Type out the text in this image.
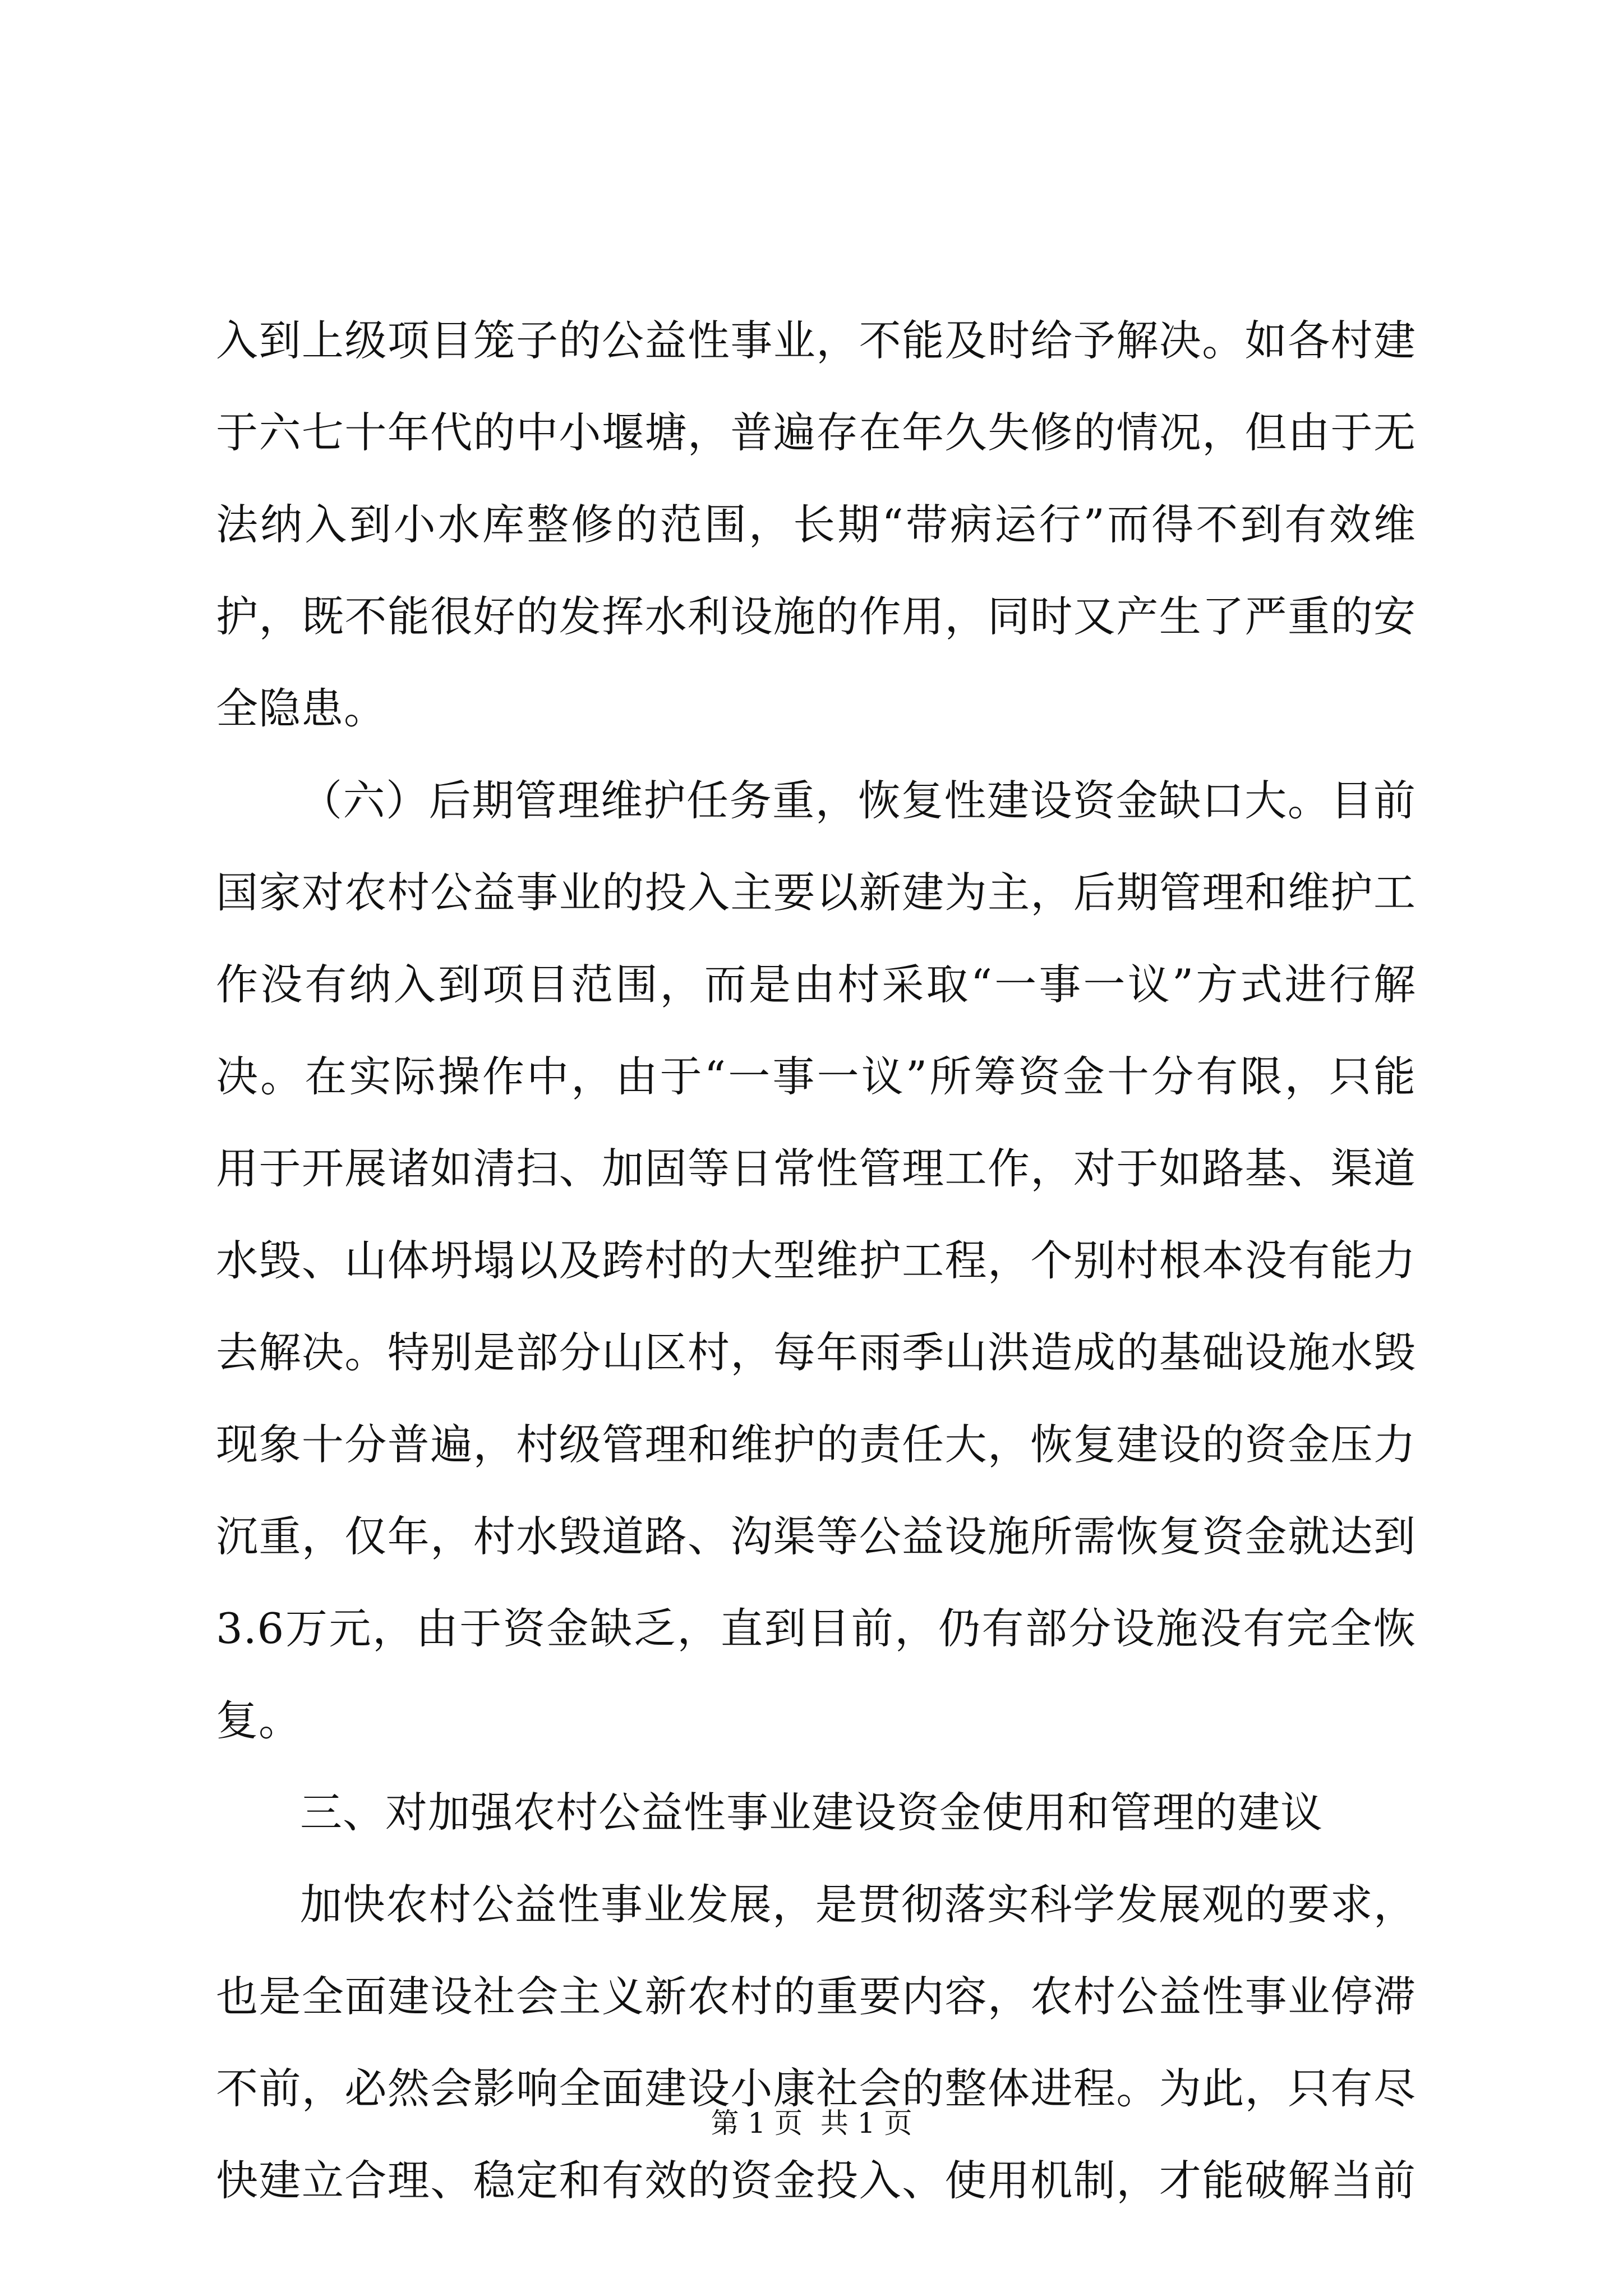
入到上级项目笼子的公益性事业，不能及时给予解决。如各村建
于六七十年代的中小堰塘，普遍存在年久失修的情况，但由于无
法纳入到小水库整修的范围，长期“带病运行”而得不到有效维
护，既不能很好的发挥水利设施的作用，同时又产生了严重的安
全隐患。
（六）后期管理维护任务重，恢复性建设资金缺口大。目前
国家对农村公益事业的投入主要以新建为主，后期管理和维护工
作没有纳入到项目范围，而是由村采取“一事一议”方式进行解
决。在实际操作中，由于“一事一议”所筹资金十分有限，只能
用于开展诸如清扫、加固等日常性管理工作，对于如路基、渠道
水毁、山体坍塌以及跨村的大型维护工程，个别村根本没有能力
去解决。特别是部分山区村，每年雨季山洪造成的基础设施水毁
现象十分普遍，村级管理和维护的责任大，恢复建设的资金压力
沉重，仅年，村水毁道路、沟渠等公益设施所需恢复资金就达到
3.6万元，由于资金缺乏，直到目前，仍有部分设施没有完全恢
复。
三、对加强农村公益性事业建设资金使用和管理的建议
加快农村公益性事业发展，是贯彻落实科学发展观的要求，
也是全面建设社会主义新农村的重要内容，农村公益性事业停滞
不前，必然会影响全面建设小康社会的整体进程。为此，只有尽
快建立合理、稳定和有效的资金投入、使用机制，才能破解当前
第 1 页  共 1 页
